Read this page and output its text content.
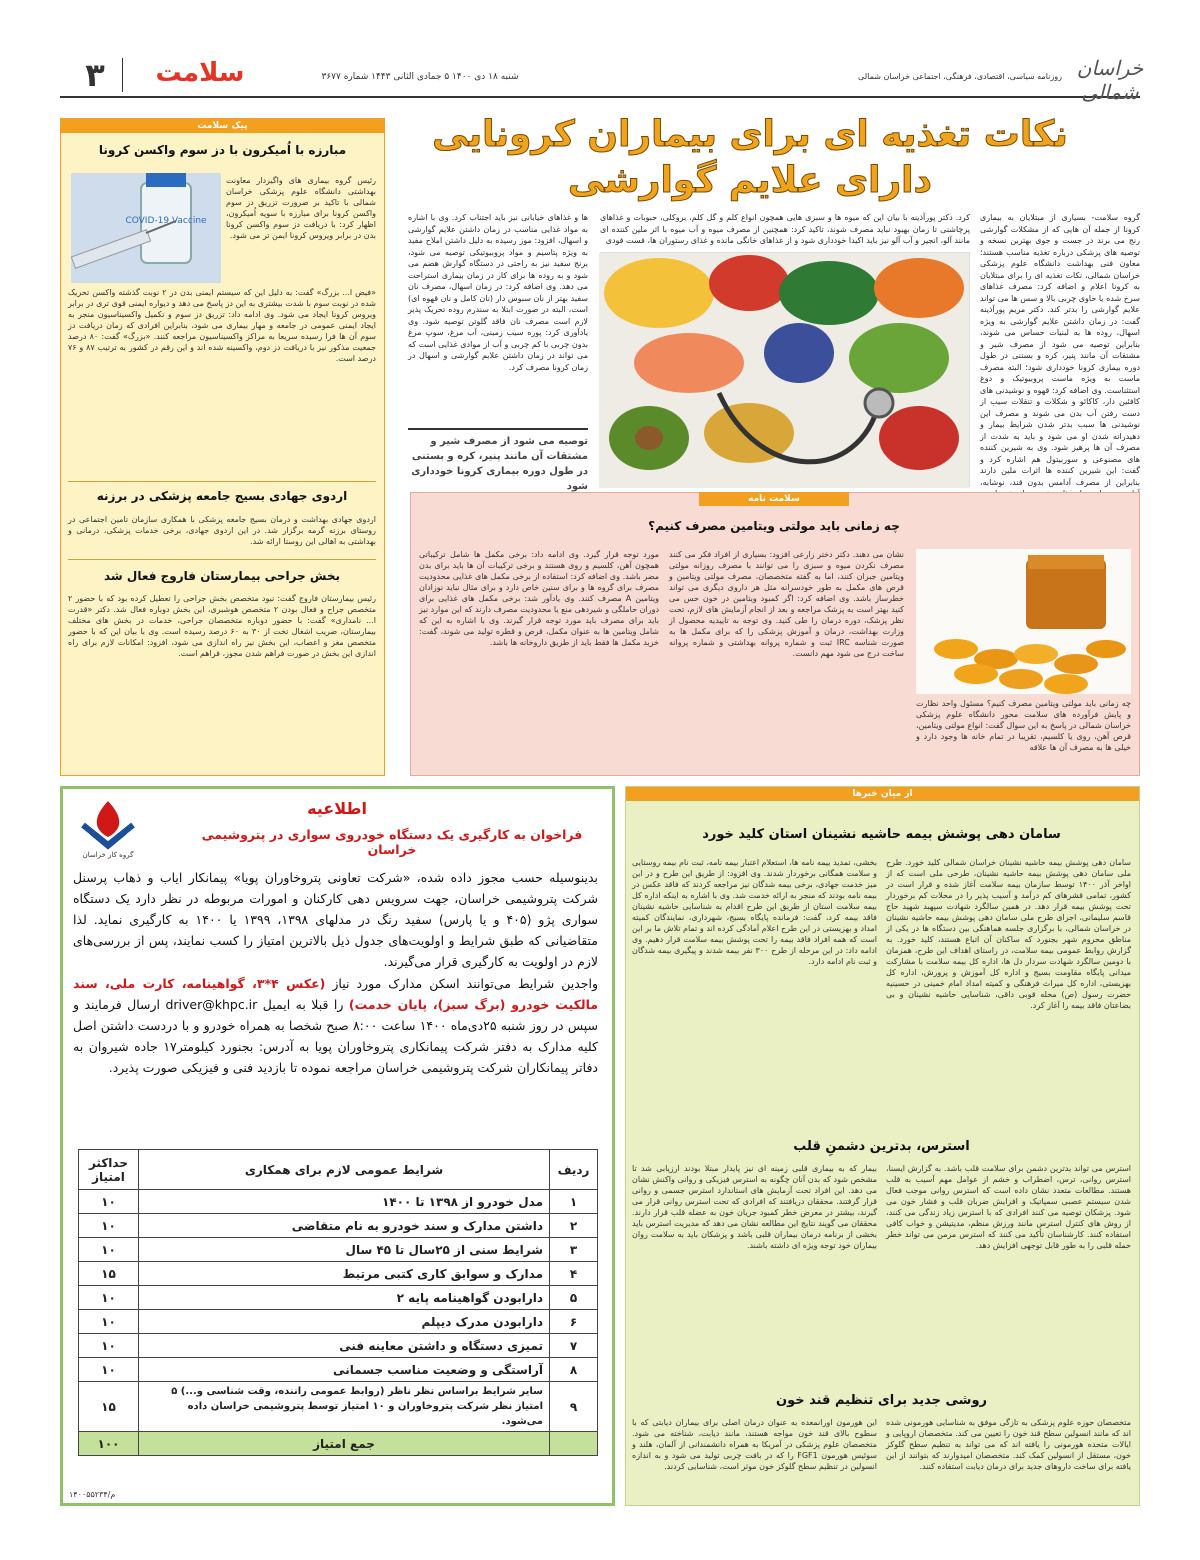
۳	سلامت	شنبه ۱۸ دی ۱۴۰۰ ۵ جمادی الثانی ۱۴۴۳ شماره ۳۶۷۷	روزنامه سیاسی، اقتصادی، فرهنگی، اجتماعی خراسان شمالی خراسان شمالی
نکات تغذیه ای برای بیماران کرونایی
دارای علایم گوارشی
گروه سلامت- بسیاری از مبتلایان به بیماری کرونا از جمله آن هایی که از مشکلات گوارشی رنج می برند در جست و جوی بهترین نسخه و توصیه های پزشکی درباره تغذیه مناسب هستند؛ معاون فنی بهداشت دانشگاه علوم پزشکی خراسان شمالی، نکات تغذیه ای را برای مبتلایان به کرونا اعلام و اضافه کرد: مصرف غذاهای سرخ شده یا حاوی چربی بالا و سس ها می تواند علایم گوارشی را بدتر کند. دکتر مریم پورآذینه گفت: در زمان داشتن علایم گوارشی به ویژه اسهال، روده ها به لبنیات حساس می شوند، بنابراین توصیه می شود از مصرف شیر و مشتقات آن مانند پنیر، کره و بستنی در طول دوره بیماری کرونا خودداری شود؛ البته مصرف ماست به ویژه ماست پروبیوتیک و دوغ استثناست. وی اضافه کرد: قهوه و نوشیدنی های کافئین دار، کاکائو و شکلات و تنقلات سیب از دست رفتن آب بدن می شوند و مصرف این نوشیدنی ها سبب بدتر شدن شرایط بیمار و دهیدراته شدن او می شود و باید به شدت از مصرف آن ها پرهیز شود. وی به شیرین کننده های مصنوعی و سوربیتول هم اشاره کرد و گفت: این شیرین کننده ها اثرات ملین دارند بنابراین از مصرف آدامس بدون قند، نوشابه،
کرد. دکتر پورآذینه با بیان این که میوه ها و سبزی هایی همچون انواع کلم و گل کلم، بروکلی، حبوبات و غذاهای پرچاشنی تا زمان بهبود نباید مصرف شوند، تاکید کرد: همچنین از مصرف میوه و آب میوه با اثر ملین کننده ای مانند آلو، انجیر و آب آلو نیز باید اکیدا خودداری شود و از غذاهای خانگی مانده و غذای رستوران ها، فست فودی
ها و غذاهای خیابانی نیز باید اجتناب کرد. وی با اشاره به مواد غذایی مناسب در زمان داشتن علایم گوارشی و اسهال، افزود: موز رسیده به دلیل داشتن املاح مفید به ویژه پتاسیم و مواد پروبیوتیکی توصیه می شود، برنج سفید نیز به راحتی در دستگاه گوارش هضم می شود و به روده ها برای کار در زمان بیماری استراحت می دهد. وی اضافه کرد: در زمان اسهال، مصرف نان سفید بهتر از نان سبوس دار (نان کامل و نان قهوه ای) است، البته در صورت ابتلا به سندرم روده تحریک پذیر لازم است مصرف نان فاقد گلوتن توصیه شود. وی یادآوری کرد: پوره سیب زمینی، آب مرغ، سوپ مرغ بدون چربی با کم چربی و آب از موادی غذایی است که می تواند در زمان داشتن علایم گوارشی و اسهال در زمان کرونا مصرف کرد.
توصیه می شود از مصرف شیر و مشتقات آن مانند پنیر، کره و بستنی در طول دوره بیماری کرونا خودداری شود
پیک سلامت
مبارزه با اُمیکرون با دز سوم واکسن کرونا
COVID-19 Vaccine
رئیس گروه بیماری های واگیردار معاونت بهداشتی دانشگاه علوم پزشکی خراسان شمالی با تاکید بر ضرورت تزریق دز سوم واکسن کرونا برای مبارزه با سویه اُمیکرون، اظهار کرد: با دریافت دز سوم واکسن کرونا بدن در برابر ویروس کرونا ایمن تر می شود.
«فیض ا... بزرگ» گفت: به دلیل این که سیستم ایمنی بدن در ۲ نوبت گذشته واکسن تحریک شده در نوبت سوم با شدت بیشتری به این دز پاسخ می دهد و دیواره ایمنی قوی تری در برابر ویروس کرونا ایجاد می شود. وی ادامه داد: تزریق دز سوم و تکمیل واکسیناسیون منجر به ایجاد ایمنی عمومی در جامعه و مهار بیماری می شود، بنابراین افرادی که زمان دریافت دز سوم آن ها فرا رسیده سریعا به مراکز واکسیناسیون مراجعه کنند. «بزرگ» گفت: ۸۰ درصد جمعیت مذکور نیز با دریافت دز دوم، واکسینه شده اند و این رقم در کشور به ترتیب ۸۷ و ۷۶ درصد است.
اردوی جهادی بسیج جامعه پزشکی در برزنه
اردوی جهادی بهداشت و درمان بسیج جامعه پزشکی با همکاری سازمان تامین اجتماعی در روستای برزنه گرمه برگزار شد. در این اردوی جهادی، برخی خدمات پزشکی، درمانی و بهداشتی به اهالی این روستا ارائه شد.
بخش جراحی بیمارستان فاروج فعال شد
رئیس بیمارستان فاروج گفت: نبود متخصص بخش جراحی را تعطیل کرده بود که با حضور ۲ متخصص جراح و فعال بودن ۲ متخصص هوشبری، این بخش دوباره فعال شد. دکتر «قدرت ا... نامداری» گفت: با حضور دوباره متخصصان جراحی، خدمات در بخش های مختلف بیمارستان، ضریب اشغال تخت از ۳۰ به ۶۰ درصد رسیده است. وی با بیان این که با حضور متخصص مغز و اعصاب، این بخش نیز راه اندازی می شود، افزود: امکانات لازم برای راه اندازی این بخش در صورت فراهم شدن مجوز، فراهم است.
سلامت نامه
چه زمانی باید مولتی ویتامین مصرف کنیم؟
چه زمانی باید مولتی ویتامین مصرف کنیم؟ مسئول واحد نظارت و پایش فرآورده های سلامت محور دانشگاه علوم پزشکی خراسان شمالی در پاسخ به این سوال گفت: انواع مولتی ویتامین، قرص آهن، روی یا کلسیم، تقریبا در تمام خانه ها وجود دارد و خیلی ها به مصرف آن ها علاقه
نشان می دهند. دکتر دختر زارعی افزود: بسیاری از افراد فکر می کنند مصرف نکردن میوه و سبزی را می توانند با مصرف روزانه مولتی ویتامین جبران کنند، اما به گفته متخصصان، مصرف مولتی ویتامین و قرص های مکمل به طور خودسرانه مثل هر داروی دیگری می تواند خطرساز باشد. وی اضافه کرد: اگر کمبود ویتامین در خون حس می کنید بهتر است به پزشک مراجعه و بعد از انجام آزمایش های لازم، تحت نظر پزشک، دوره درمان را طی کنید. وی توجه به تاییدیه محصول از وزارت بهداشت، درمان و آموزش پزشکی را که برای مکمل ها به صورت شناسه IRC ثبت و شماره پروانه بهداشتی و شماره پروانه ساخت درج می شود مهم دانست.
مورد توجه قرار گیرد. وی ادامه داد: برخی مکمل ها شامل ترکیباتی همچون آهن، کلسیم و روی هستند و برخی ترکیبات آن ها باید برای بدن مضر باشد. وی اضافه کرد: استفاده از برخی مکمل های غذایی محدودیت مصرف برای گروه ها و برای سنین خاص دارد و برای مثال نباید نوزادان ویتامین A مصرف کنند. وی یادآور شد: برخی مکمل های غذایی برای دوران حاملگی و شیردهی منع یا محدودیت مصرف دارند که این موارد نیز باید برای مصرف باید مورد توجه قرار گیرند. وی با اشاره به این که شامل ویتامین ها به عنوان مکمل، قرص و قطره تولید می شوند، گفت: خرید مکمل ها فقط باید از طریق داروخانه ها باشد.
از میان خبرها
سامان دهی پوشش بیمه حاشیه نشینان استان کلید خورد
سامان دهی پوشش بیمه حاشیه نشینان خراسان شمالی کلید خورد. طرح ملی سامان دهی پوشش بیمه حاشیه نشینان، طرحی ملی است که از اواخر آذر ۱۴۰۰ توسط سازمان بیمه سلامت آغاز شده و قرار است در کشور، تمامی قشرهای کم درآمد و آسیب پذیر را در محلات کم برخوردار تحت پوشش بیمه قرار دهد. در همین سالگرد شهادت سپهبد شهید حاج قاسم سلیمانی، اجرای طرح ملی سامان دهی پوشش بیمه حاشیه نشینان در خراسان شمالی، با برگزاری جلسه هماهنگی بین دستگاه ها در یکی از مناطق محروم شهر بجنورد که ساکنان آن اتباع هستند، کلید خورد. به گزارش روابط عمومی بیمه سلامت، در راستای اهداف این طرح، همزمان با دومین سالگرد شهادت سردار دل ها، اداره کل بیمه سلامت با مشارکت میدانی پایگاه مقاومت بسیج و اداره کل آموزش و پرورش، اداره کل بهزیستی، اداره کل میراث فرهنگی و کمیته امداد امام خمینی در حسینیه حضرت رسول (ص) محله قوبی داقی، شناسایی حاشیه نشینان و بی بضاعتان فاقد بیمه را آغاز کرد.
بخشی، تمدید بیمه نامه ها، استعلام اعتبار بیمه نامه، ثبت نام بیمه روستایی و سلامت همگانی برخوردار شدند. وی افزود: از طریق این طرح و در این میز خدمت جهادی، برخی بیمه شدگان نیز مراجعه کردند که فاقد عکس در بیمه نامه بودند که منجر به ارائه خدمت شد. وی با اشاره به اینکه اداره کل بیمه سلامت استان از طریق این طرح اقدام به شناسایی حاشیه نشینان فاقد بیمه کرد، گفت: فرمانده پایگاه بسیج، شهرداری، نمایندگان کمیته امداد و بهزیستی در این طرح اعلام آمادگی کرده اند و تمام تلاش ما بر این است که همه افراد فاقد بیمه را تحت پوشش بیمه سلامت قرار دهیم. وی ادامه داد: در این مرحله از طرح ۳۰۰ نفر بیمه شدند و پیگیری بیمه شدگان و ثبت نام ادامه دارد.
استرس، بدترین دشمنِ قلب
استرس می تواند بدترین دشمن برای سلامت قلب باشد. به گزارش ایسنا، استرس روانی، ترس، اضطراب و خشم از عوامل مهم آسیب به قلب هستند. مطالعات متعدد نشان داده است که استرس روانی موجب فعال شدن سیستم عصبی سمپاتیک و افزایش ضربان قلب و فشار خون می شود. پزشکان توصیه می کنند افرادی که با استرس زیاد زندگی می کنند، از روش های کنترل استرس مانند ورزش منظم، مدیتیشن و خواب کافی استفاده کنند. کارشناسان تأکید می کنند که استرس مزمن می تواند خطر حمله قلبی را به طور قابل توجهی افزایش دهد.
بیمار که به بیماری قلبی زمینه ای نیز پایدار مبتلا بودند ارزیابی شد تا مشخص شود که بدن آنان چگونه به استرس فیزیکی و روانی واکنش نشان می دهد. این افراد تحت آزمایش های استاندارد استرس جسمی و روانی قرار گرفتند. محققان دریافتند که افرادی که تحت استرس روانی قرار می گیرند، بیشتر در معرض خطر کمبود جریان خون به عضله قلب قرار دارند. محققان می گویند نتایج این مطالعه نشان می دهد که مدیریت استرس باید بخشی از برنامه درمان بیماران قلبی باشد و پزشکان باید به سلامت روان بیماران خود توجه ویژه ای داشته باشند.
روشی جدید برای تنظیم قند خون
متخصصان حوزه علوم پزشکی به تازگی موفق به شناسایی هورمونی شده اند که مانند انسولین سطح قند خون را تعیین می کند. متخصصان اروپایی و ایالات متحده هورمونی را یافته اند که می تواند به تنظیم سطح گلوکز خون، مستقل از انسولین کمک کند. متخصصان امیدوارند که بتوانند از این یافته برای ساخت داروهای جدید برای درمان دیابت استفاده کنند.
این هورمون اورانمعده به عنوان درمان اصلی برای بیماران دیابتی که با سطوح بالای قند خون مواجه هستند، مانند دیابت، شناخته می شود. متخصصان علوم پزشکی در آمریکا به همراه دانشمندانی از آلمان، هلند و سوئیس هورمون FGF1 را که در بافت چربی تولید می شود و به اندازه انسولین در تنظیم سطح گلوکز خون موثر است، شناسایی کردند.
اطلاعیه
فراخوان به کارگیری یک دستگاه خودروی سواری در پتروشیمی خراسان
گروه کار خراسان
بدینوسیله حسب مجوز داده شده، «شرکت تعاونی پتروخاوران پویا» پیمانکار ایاب و ذهاب پرسنل شرکت پتروشیمی خراسان، جهت سرویس دهی کارکنان و امورات مربوطه در نظر دارد یک دستگاه سواری پژو (۴۰۵ و یا پارس) سفید رنگ در مدلهای ۱۳۹۸، ۱۳۹۹ یا ۱۴۰۰ به کارگیری نماید. لذا متقاضیانی که طبق شرایط و اولویت‌های جدول ذیل بالاترین امتیاز را کسب نمایند، پس از بررسی‌های لازم در اولویت به کارگیری قرار می‌گیرند.
واجدین شرایط می‌توانند اسکن مدارک مورد نیاز (عکس ۴*۳، گواهینامه، کارت ملی، سند مالکیت خودرو (برگ سبز)، پایان خدمت) را قبلا به ایمیل driver@khpc.ir ارسال فرمایند و سپس در روز شنبه ۲۵دی‌ماه ۱۴۰۰ ساعت ۸:۰۰ صبح شخصا به همراه خودرو و با دردست داشتن اصل کلیه مدارک به دفتر شرکت پیمانکاری پتروخاوران پویا به آدرس: بجنورد کیلومتر۱۷ جاده شیروان به دفاتر پیمانکاران شرکت پتروشیمی خراسان مراجعه نموده تا بازدید فنی و فیزیکی صورت پذیرد.
ردیف	شرایط عمومی لازم برای همکاری	حداکثر امتیاز
۱	مدل خودرو از ۱۳۹۸ تا ۱۴۰۰	۱۰
۲	داشتن مدارک و سند خودرو به نام متقاضی	۱۰
۳	شرایط سنی از ۲۵سال تا ۴۵ سال	۱۰
۴	مدارک و سوابق کاری کتبی مرتبط	۱۵
۵	دارابودن گواهینامه پایه ۲	۱۰
۶	دارابودن مدرک دیپلم	۱۰
۷	تمیزی دستگاه و داشتن معاینه فنی	۱۰
۸	آراستگی و وضعیت مناسب جسمانی	۱۰
۹	سایر شرایط براساس نظر ناظر (روابط عمومی راننده، وقت شناسی و...) ۵ امتیاز نظر شرکت پتروخاوران و ۱۰ امتیاز توسط پتروشیمی خراسان داده می‌شود.	۱۵
	جمع امتیاز	۱۰۰
م/۱۴۰۰۵۵۲۳۴
